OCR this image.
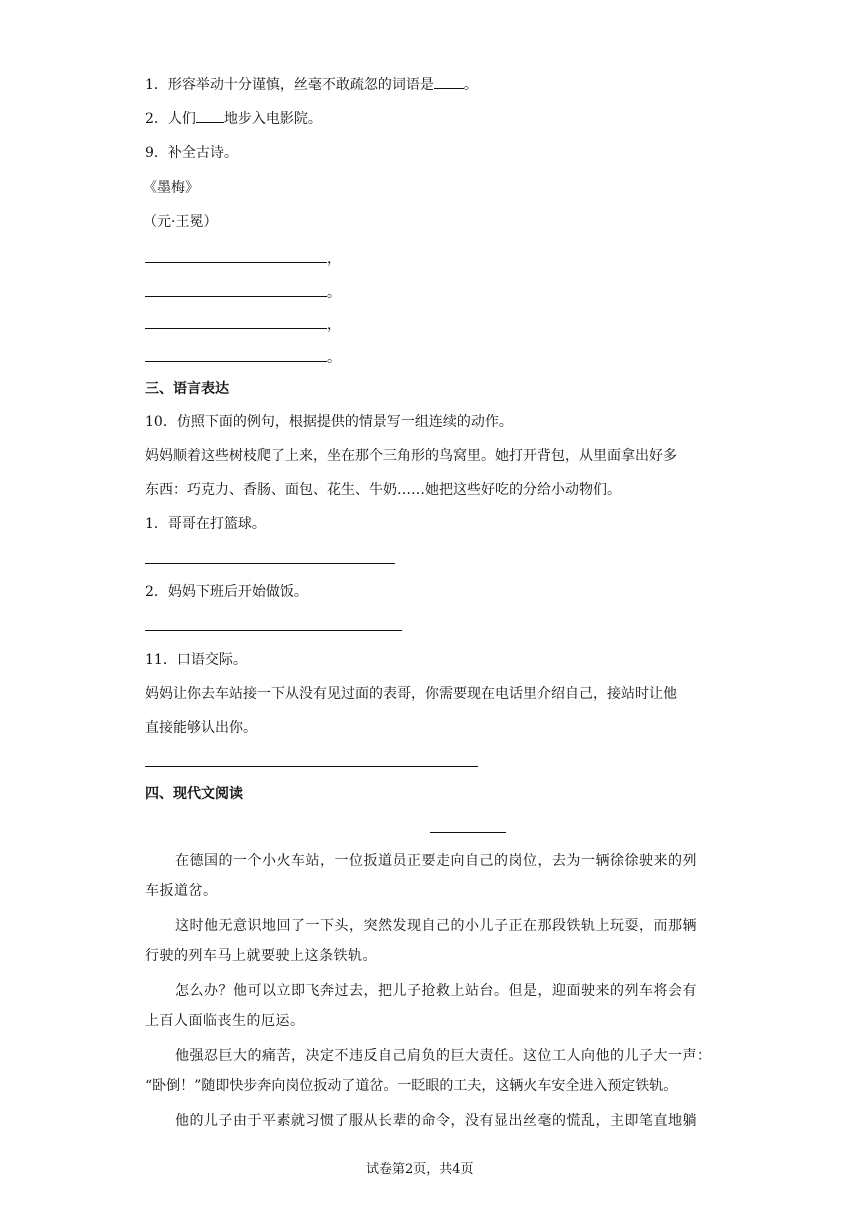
1．形容举动十分谨慎，丝毫不敢疏忽的词语是 。
2．人们 地步入电影院。
9．补全古诗。
《墨梅》
（元·王冕）
，
。
，
。
三、语言表达
10．仿照下面的例句，根据提供的情景写一组连续的动作。
妈妈顺着这些树枝爬了上来，坐在那个三角形的鸟窝里。她打开背包，从里面拿出好多
东西：巧克力、香肠、面包、花生、牛奶……她把这些好吃的分给小动物们。
1．哥哥在打篮球。
2．妈妈下班后开始做饭。
11．口语交际。
妈妈让你去车站接一下从没有见过面的表哥，你需要现在电话里介绍自己，接站时让他
直接能够认出你。
四、现代文阅读
在德国的一个小火车站，一位扳道员正要走向自己的岗位，去为一辆徐徐驶来的列
车扳道岔。
这时他无意识地回了一下头，突然发现自己的小儿子正在那段铁轨上玩耍，而那辆
行驶的列车马上就要驶上这条铁轨。
怎么办？他可以立即飞奔过去，把儿子抢救上站台。但是，迎面驶来的列车将会有
上百人面临丧生的厄运。
他强忍巨大的痛苦，决定不违反自己肩负的巨大责任。这位工人向他的儿子大一声：
“卧倒！”随即快步奔向岗位扳动了道岔。一眨眼的工夫，这辆火车安全进入预定铁轨。
他的儿子由于平素就习惯了服从长辈的命令，没有显出丝毫的慌乱，主即笔直地躺
试卷第2页，共4页
